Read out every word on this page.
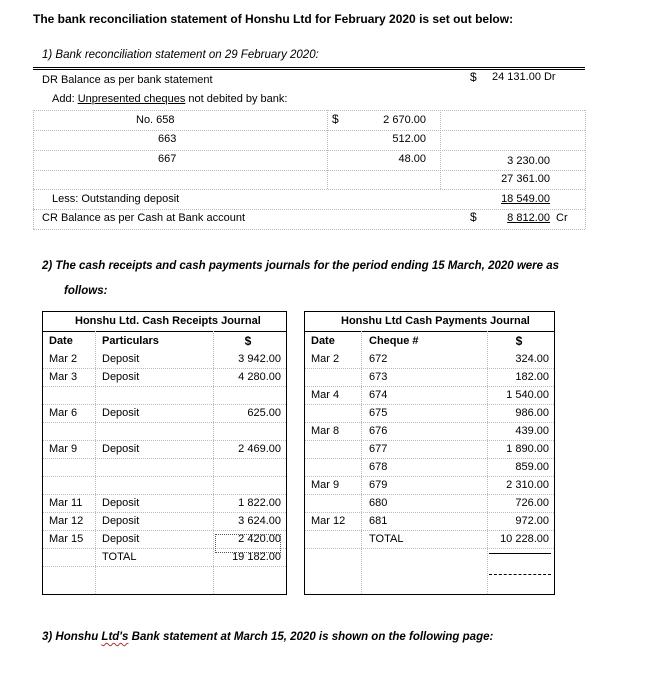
The bank reconciliation statement of Honshu Ltd for February 2020 is set out below:
1) Bank reconciliation statement on 29 February 2020:
DR Balance as per bank statement	$ 24 131.00 Dr
Add: Unpresented cheques not debited by bank:
No. 658	$	2 670.00
663	512.00
667	48.00	3 230.00
27 361.00
Less: Outstanding deposit	18 549.00
CR Balance as per Cash at Bank account	$	8 812.00 Cr
2) The cash receipts and cash payments journals for the period ending 15 March, 2020 were as
follows:
Honshu Ltd. Cash Receipts Journal
Date	Particulars	$
Mar 2 Deposit	3 942.00
Mar 3 Deposit	4 280.00
Mar 6 Deposit	625.00
Mar 9 Deposit	2 469.00
Mar 11 Deposit	1 822.00
Mar 12 Deposit	3 624.00
Mar 15 Deposit	2 420.00
TOTAL	19 182.00
Honshu Ltd Cash Payments Journal
Date	Cheque #	$
Mar 2	672	324.00
673	182.00
Mar 4	674	1 540.00
675	986.00
Mar 8	676	439.00
677	1 890.00
678	859.00
Mar 9	679	2 310.00
680	726.00
Mar 12 681	972.00
TOTAL	10 228.00
3) Honshu Ltd's Bank statement at March 15, 2020 is shown on the following page:
